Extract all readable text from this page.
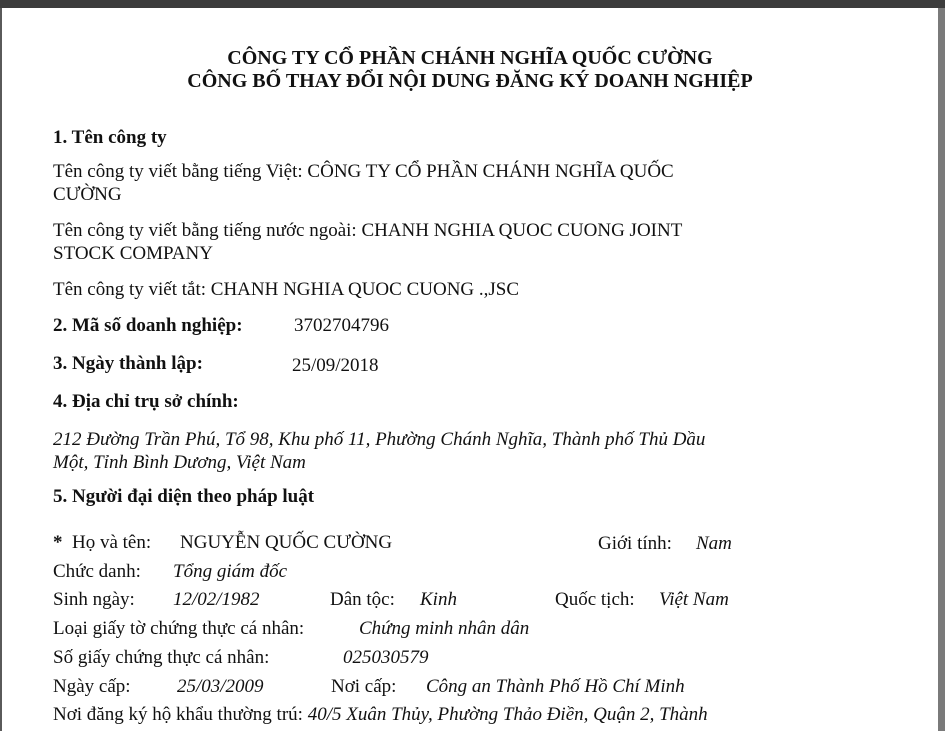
CÔNG TY CỔ PHẦN CHÁNH NGHĨA QUỐC CƯỜNG
CÔNG BỐ THAY ĐỔI NỘI DUNG ĐĂNG KÝ DOANH NGHIỆP
1. Tên công ty
Tên công ty viết bằng tiếng Việt: CÔNG TY CỔ PHẦN CHÁNH NGHĨA QUỐC
CƯỜNG
Tên công ty viết bằng tiếng nước ngoài: CHANH NGHIA QUOC CUONG JOINT
STOCK COMPANY
Tên công ty viết tắt: CHANH NGHIA QUOC CUONG .,JSC
2. Mã số doanh nghiệp:	3702704796
3. Ngày thành lập:	25/09/2018
4. Địa chỉ trụ sở chính:
212 Đường Trần Phú, Tổ 98, Khu phố 11, Phường Chánh Nghĩa, Thành phố Thủ Dầu
Một, Tỉnh Bình Dương, Việt Nam
5. Người đại diện theo pháp luật
* Họ và tên: NGUYỄN QUỐC CƯỜNG	Giới tính: Nam
Chức danh: Tổng giám đốc
Sinh ngày: 12/02/1982	Dân tộc: Kinh	Quốc tịch: Việt Nam
Loại giấy tờ chứng thực cá nhân:	Chứng minh nhân dân
Số giấy chứng thực cá nhân:	025030579
Ngày cấp: 25/03/2009	Nơi cấp: Công an Thành Phố Hồ Chí Minh
Nơi đăng ký hộ khẩu thường trú: 40/5 Xuân Thủy, Phường Thảo Điền, Quận 2, Thành
